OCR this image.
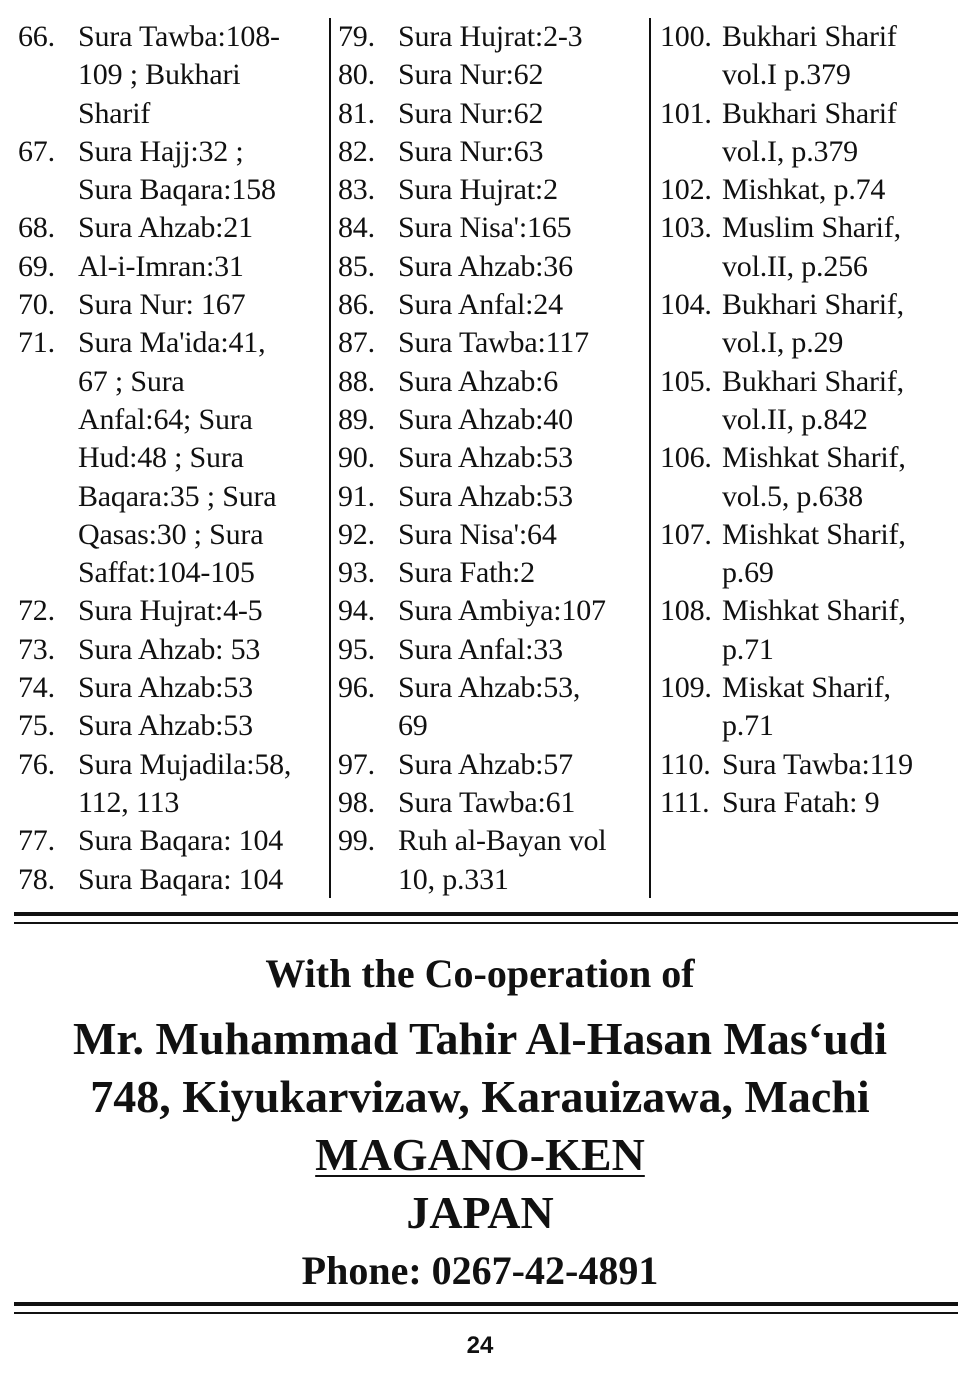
66. Sura Tawba:108-
109 ; Bukhari
Sharif
67. Sura Hajj:32 ;
Sura Baqara:158
68. Sura Ahzab:21
69. Al-i-Imran:31
70. Sura Nur: 167
71. Sura Ma'ida:41,
67 ; Sura
Anfal:64; Sura
Hud:48 ; Sura
Baqara:35 ; Sura
Qasas:30 ; Sura
Saffat:104-105
72. Sura Hujrat:4-5
73. Sura Ahzab: 53
74. Sura Ahzab:53
75. Sura Ahzab:53
76. Sura Mujadila:58,
112, 113
77. Sura Baqara: 104
78. Sura Baqara: 104
79. Sura Hujrat:2-3
80. Sura Nur:62
81. Sura Nur:62
82. Sura Nur:63
83. Sura Hujrat:2
84. Sura Nisa':165
85. Sura Ahzab:36
86. Sura Anfal:24
87. Sura Tawba:117
88. Sura Ahzab:6
89. Sura Ahzab:40
90. Sura Ahzab:53
91. Sura Ahzab:53
92. Sura Nisa':64
93. Sura Fath:2
94. Sura Ambiya:107
95. Sura Anfal:33
96. Sura Ahzab:53,
69
97. Sura Ahzab:57
98. Sura Tawba:61
99. Ruh al-Bayan vol
10, p.331
100. Bukhari Sharif
vol.I p.379
101. Bukhari Sharif
vol.I, p.379
102. Mishkat, p.74
103. Muslim Sharif,
vol.II, p.256
104. Bukhari Sharif,
vol.I, p.29
105. Bukhari Sharif,
vol.II, p.842
106. Mishkat Sharif,
vol.5, p.638
107. Mishkat Sharif,
p.69
108. Mishkat Sharif,
p.71
109. Miskat Sharif,
p.71
110. Sura Tawba:119
111. Sura Fatah: 9
With the Co-operation of
Mr. Muhammad Tahir Al-Hasan Mas‘udi
748, Kiyukarvizaw, Karauizawa, Machi
MAGANO-KEN
JAPAN
Phone: 0267-42-4891
24
